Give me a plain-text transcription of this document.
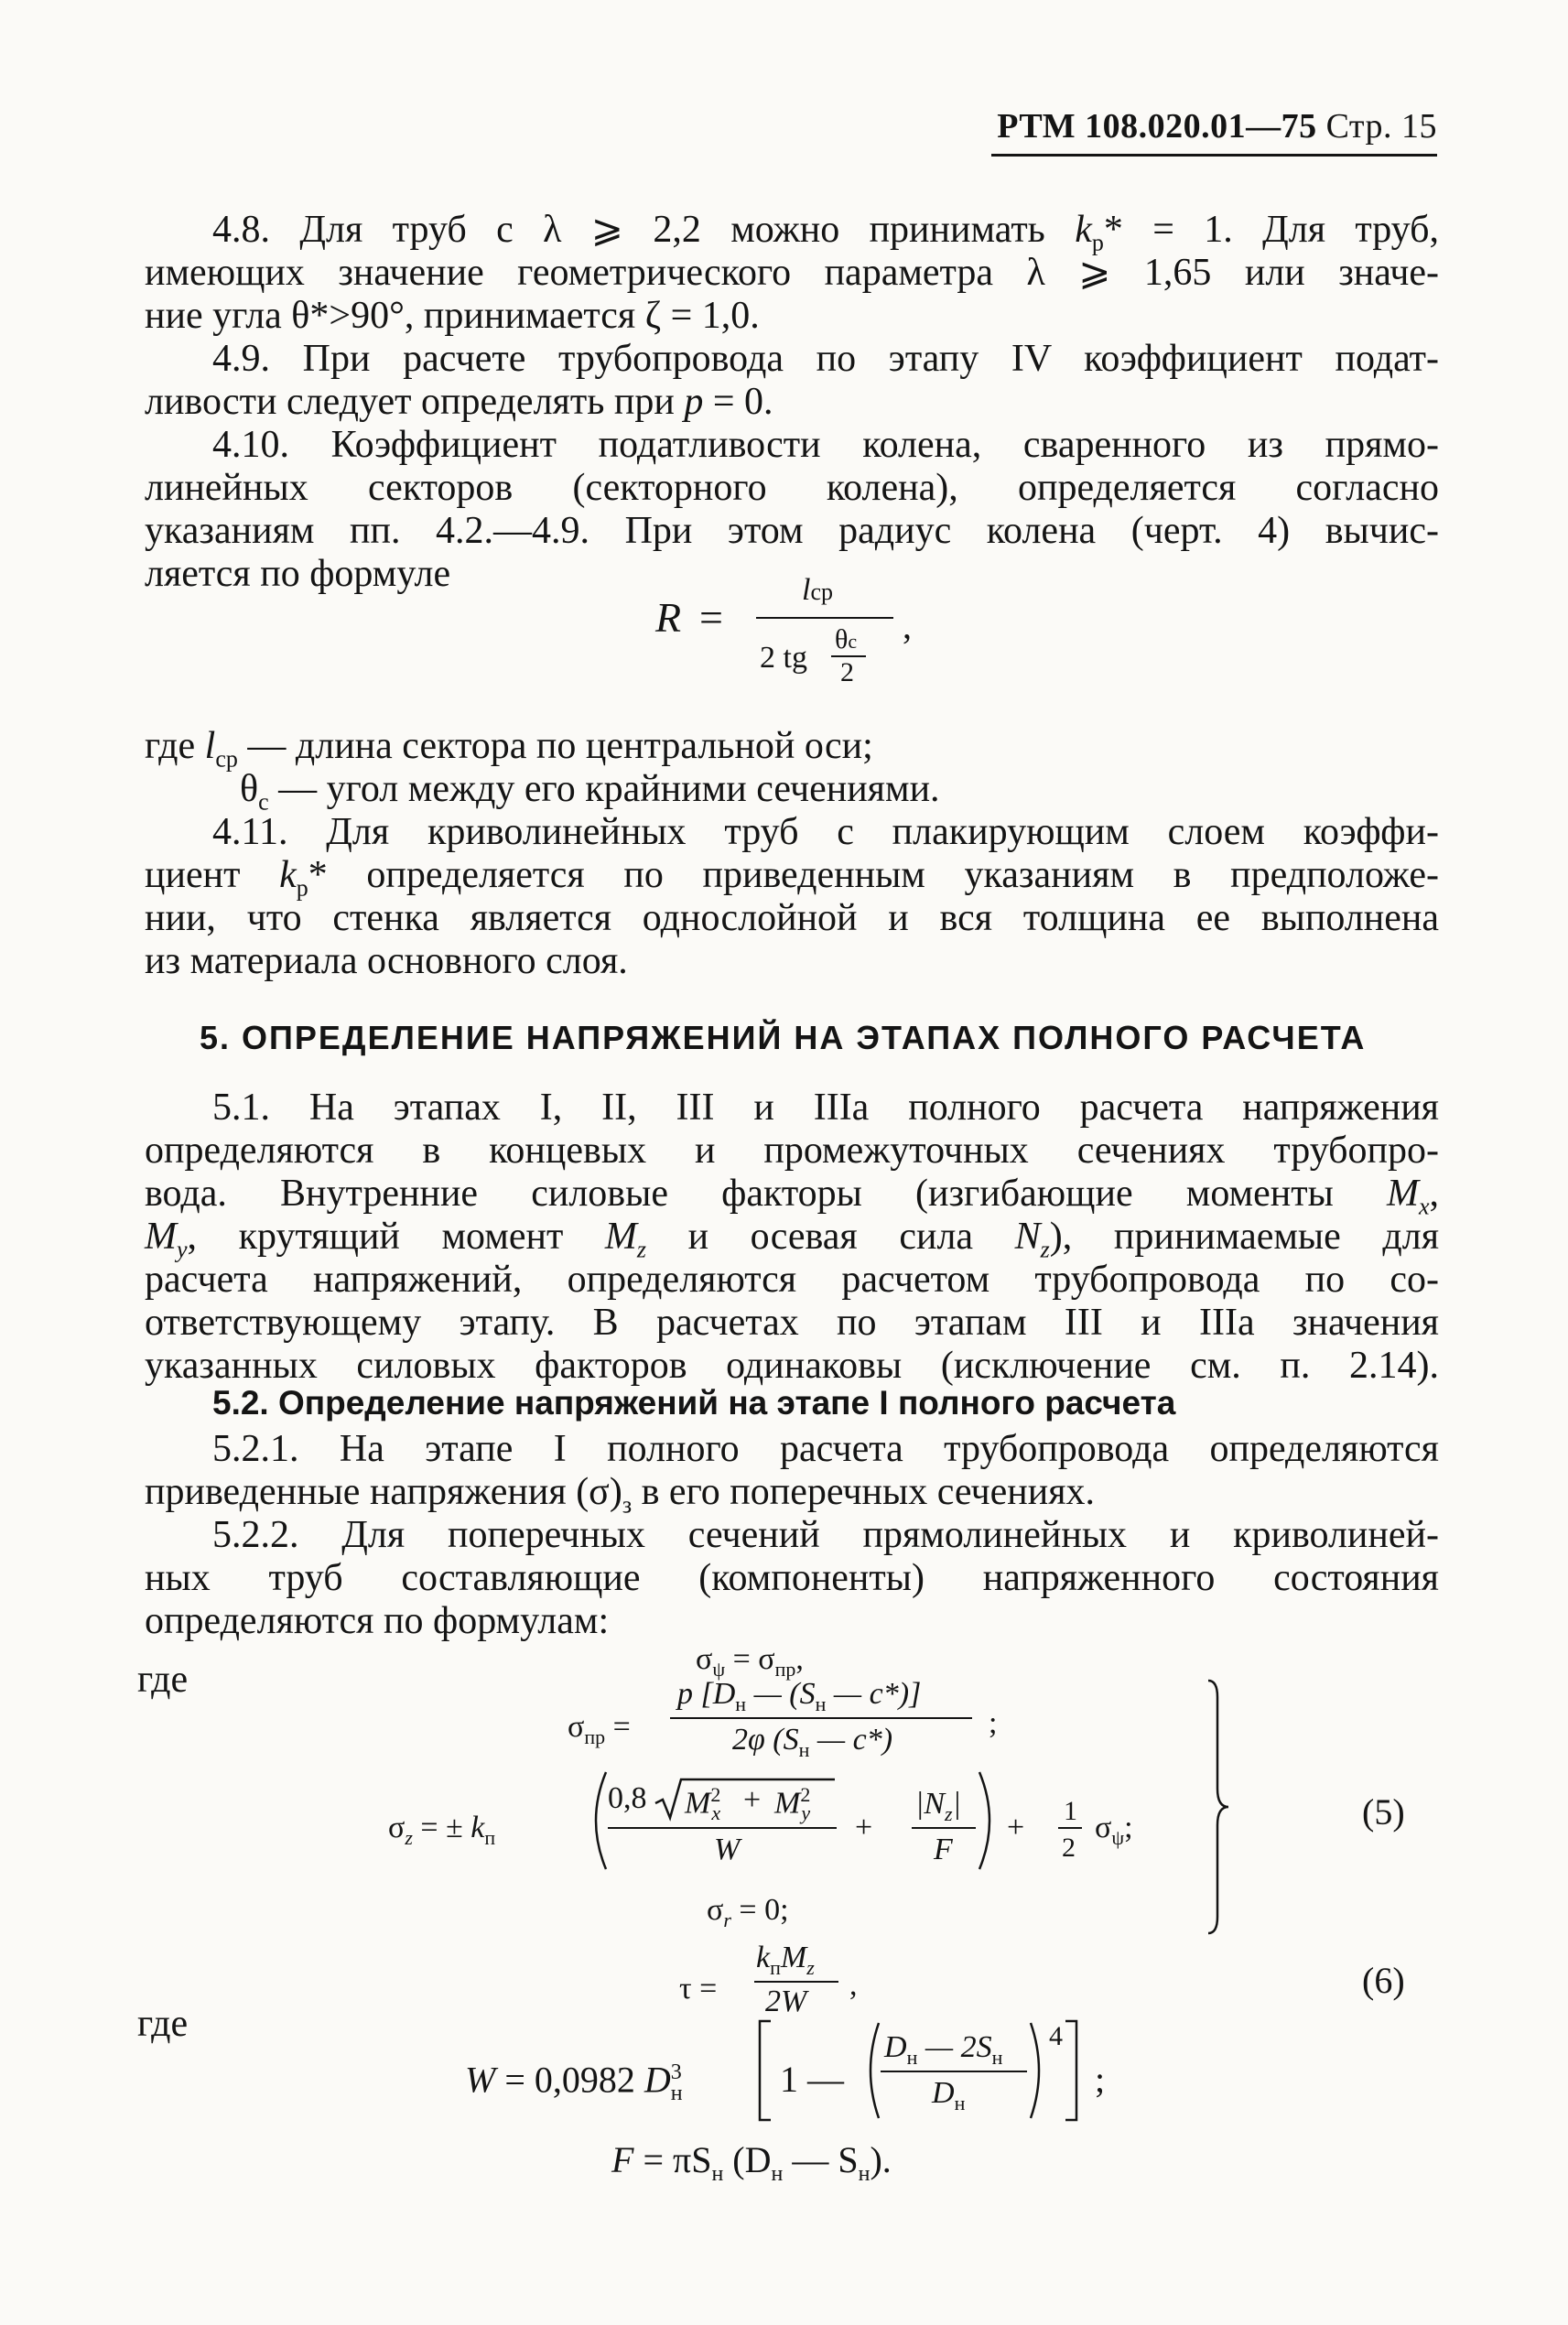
РТМ 108.020.01—75 Стр. 15
4.8. Для труб с λ ⩾ 2,2 можно принимать $k_р* = 1$. Для труб,
имеющих значение геометрического параметра λ ⩾ 1,65 или значе-
ние угла θ*>90°, принимается ζ = 1,0.
4.9. При расчете трубопровода по этапу IV коэффициент подат-
ливости следует определять при p = 0.
4.10. Коэффициент податливости колена, сваренного из прямо-
линейных секторов (секторного колена), определяется согласно
указаниям пп. 4.2.—4.9. При этом радиус колена (черт. 4) вычис-
ляется по формуле
R =
lср
2 tg
θс
2
,
где $l_{ср}$ — длина сектора по центральной оси;
$\theta_с$ — угол между его крайними сечениями.
4.11. Для криволинейных труб с плакирующим слоем коэффи-
циент $k_р*$ определяется по приведенным указаниям в предположе-
нии, что стенка является однослойной и вся толщина ее выполнена
из материала основного слоя.
5. ОПРЕДЕЛЕНИЕ НАПРЯЖЕНИЙ НА ЭТАПАХ ПОЛНОГО РАСЧЕТА
5.1. На этапах I, II, III и IIIa полного расчета напряжения
определяются в концевых и промежуточных сечениях трубопро-
вода. Внутренние силовые факторы (изгибающие моменты $M_x$,
$M_y$, крутящий момент $M_z$ и осевая сила $N_z$), принимаемые для
расчета напряжений, определяются расчетом трубопровода по со-
ответствующему этапу. В расчетах по этапам III и IIIa значения
указанных силовых факторов одинаковы (исключение см. п. 2.14).
5.2. Определение напряжений на этапе I полного расчета
5.2.1. На этапе I полного расчета трубопровода определяются
приведенные напряжения $(\sigma)_з$ в его поперечных сечениях.
5.2.2. Для поперечных сечений прямолинейных и криволиней-
ных труб составляющие (компоненты) напряженного состояния
определяются по формулам:
где	$\sigma_\psi = \sigma_{пр}$,
$\sigma_{пр}$ =
p [$D_н$ — ($S_н$ — c*)]
2φ ($S_н$ — c*)	;
$\sigma_z$ = ± $k_п$
0,8 $M^2_x + M^2_y$
W
+
$|N_z|$
F
+ 1
2
$\sigma_\psi$;
$\sigma_r = 0$;
(5)
τ =
$k_пM_z$
2W ,	(6)
где
W = 0,0982 $D^3_н$	1 —
$D_н$ — $2S_н$
$D_н$
4
;
$F = \pi S_н$ ($D_н$ — $S_н$).
